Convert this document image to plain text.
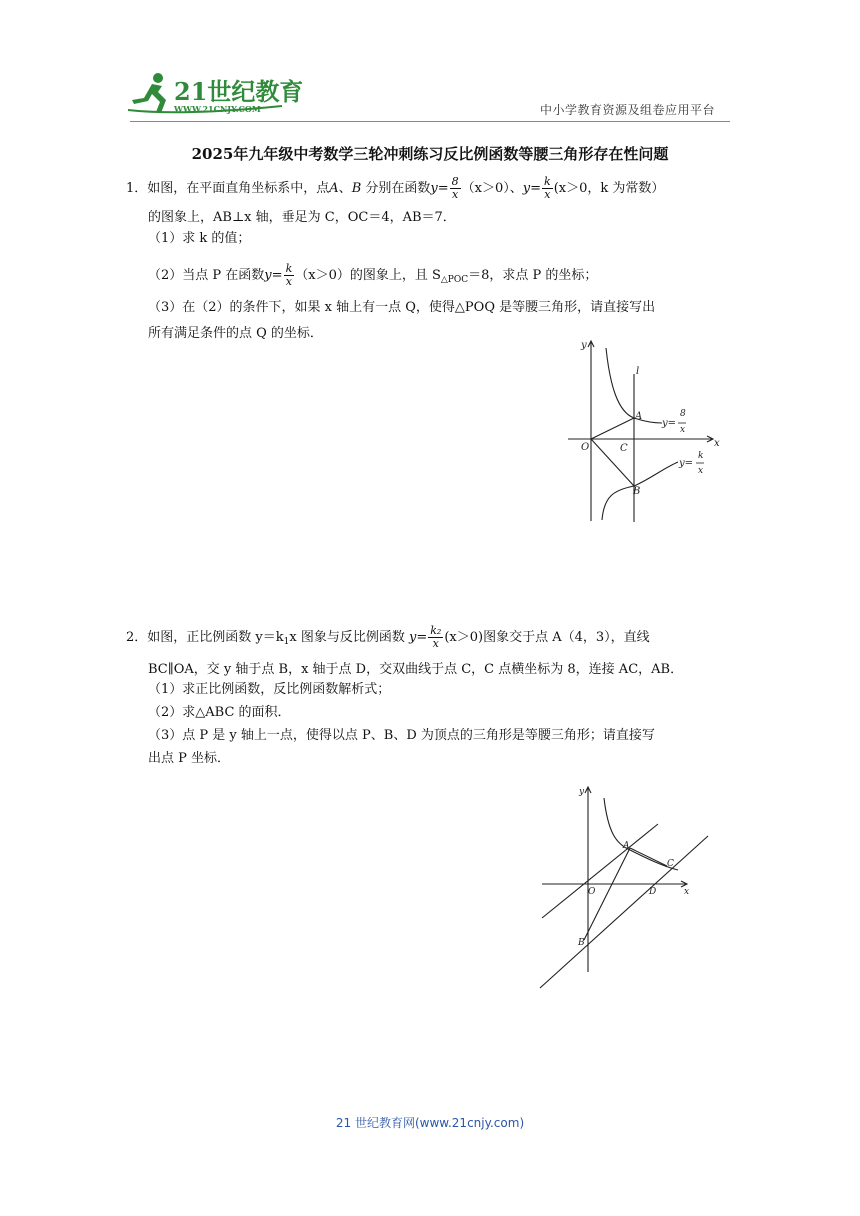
21世纪教育
WWW.21CNJY.COM	中小学教育资源及组卷应用平台
2025年九年级中考数学三轮冲刺练习反比例函数等腰三角形存在性问题
1．如图，在平面直角坐标系中，点A、B 分别在函数$y= \frac{8}{x} (x>0)$、$y= \frac{k}{x} (x>0$，k 为常数）
的图象上，AB⊥x 轴，垂足为 C，OC＝4，AB＝7．
（1）求 k 的值；
（2）当点 P 在函数$y= \frac{k}{x} (x>0)$的图象上，且 $S_{\triangle POC}=8$，求点 P 的坐标；
（3）在（2）的条件下，如果 x 轴上有一点 Q，使得△POQ 是等腰三角形，请直接写出
所有满足条件的点 Q 的坐标．
y
x
O
A
C
B
l
y=
8
x
y=
k
x
2．如图，正比例函数 $y=k_1x$ 图象与反比例函数 $y= \frac{\text{k₂}}{x} (x>0)$图象交于点 A（4，3），直线
BC∥OA，交 y 轴于点 B，x 轴于点 D，交双曲线于点 C，C 点横坐标为 8，连接 AC，AB．
（1）求正比例函数，反比例函数解析式；
（2）求△ABC 的面积．
（3）点 P 是 y 轴上一点，使得以点 P、B、D 为顶点的三角形是等腰三角形；请直接写
出点 P 坐标．
y
x
O
A
C
D
B
21 世纪教育网(www.21cnjy.com)
